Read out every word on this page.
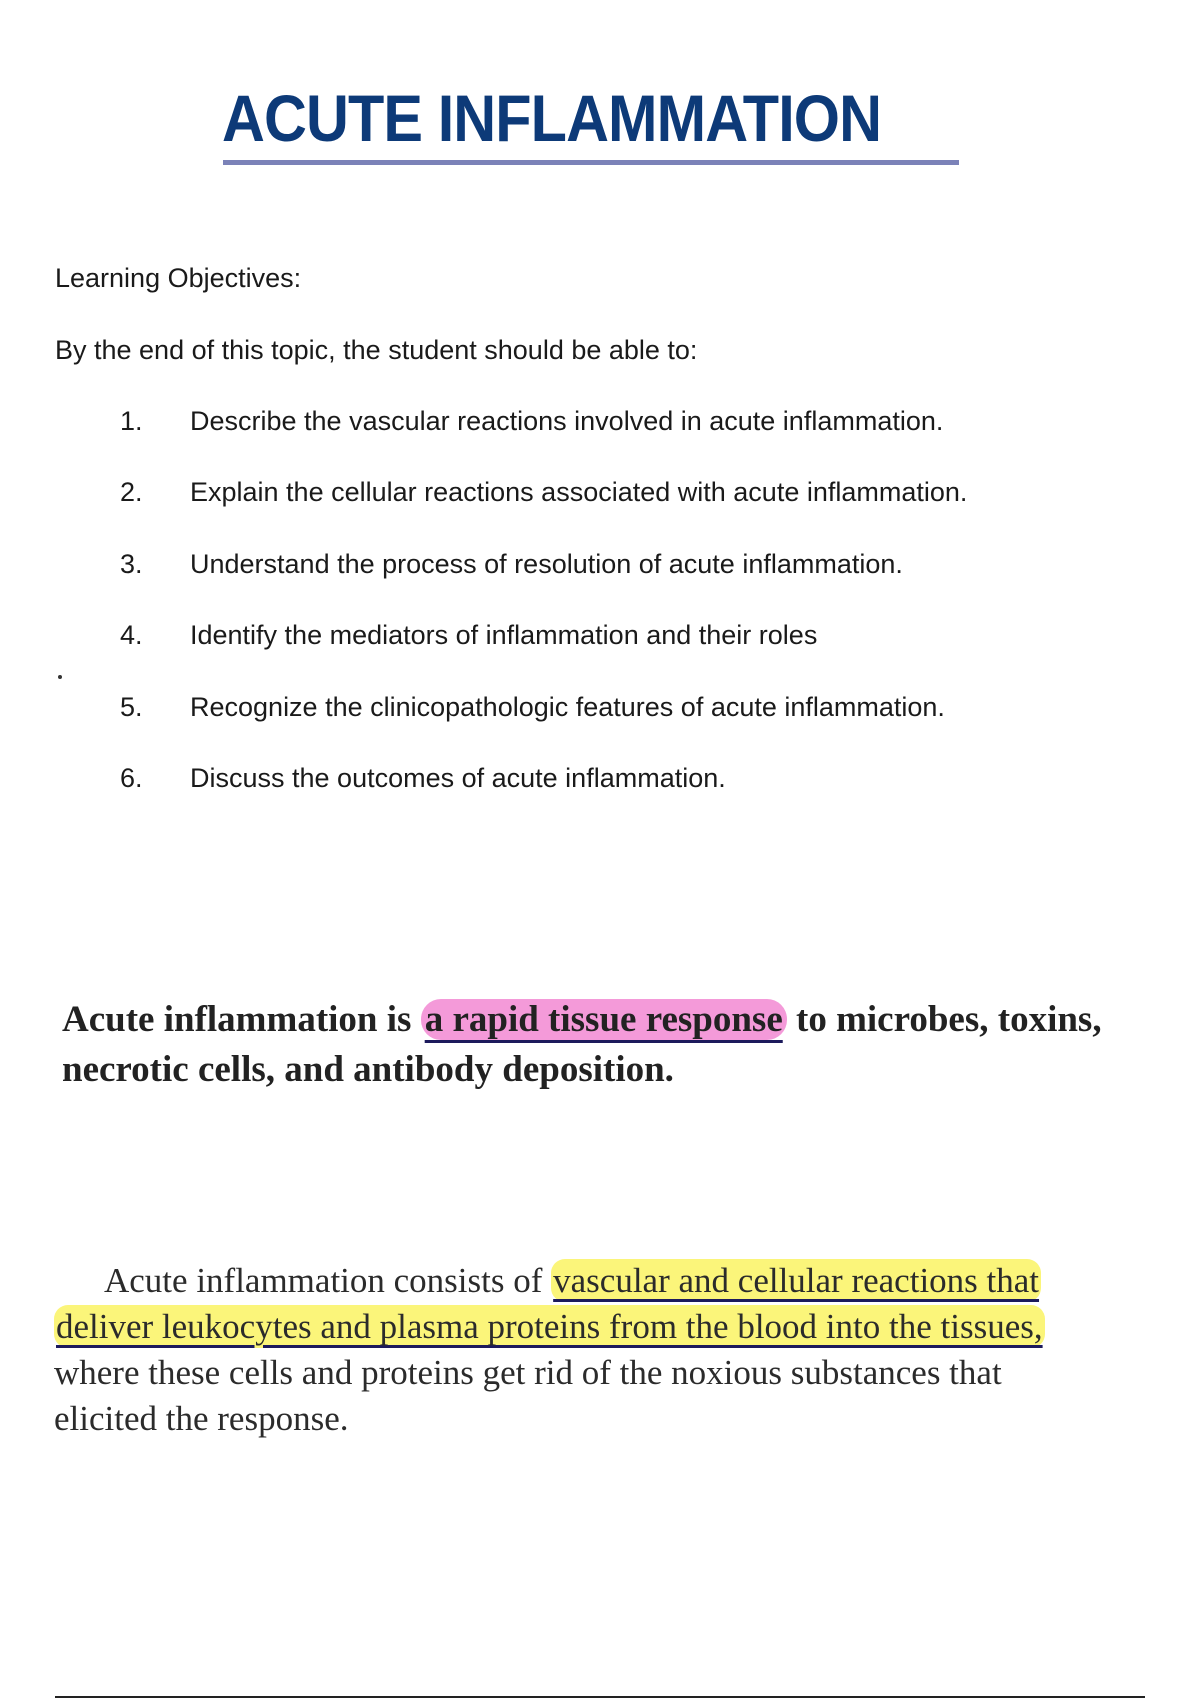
ACUTE INFLAMMATION
Learning Objectives:
By the end of this topic, the student should be able to:
1.	Describe the vascular reactions involved in acute inflammation.
2.	Explain the cellular reactions associated with acute inflammation.
3.	Understand the process of resolution of acute inflammation.
4.	Identify the mediators of inflammation and their roles
5.	Recognize the clinicopathologic features of acute inflammation.
6.	Discuss the outcomes of acute inflammation.

Acute inflammation is a rapid tissue response to microbes, toxins, necrotic cells, and antibody deposition.

Acute inflammation consists of vascular and cellular reactions that deliver leukocytes and plasma proteins from the blood into the tissues, where these cells and proteins get rid of the noxious substances that elicited the response.
